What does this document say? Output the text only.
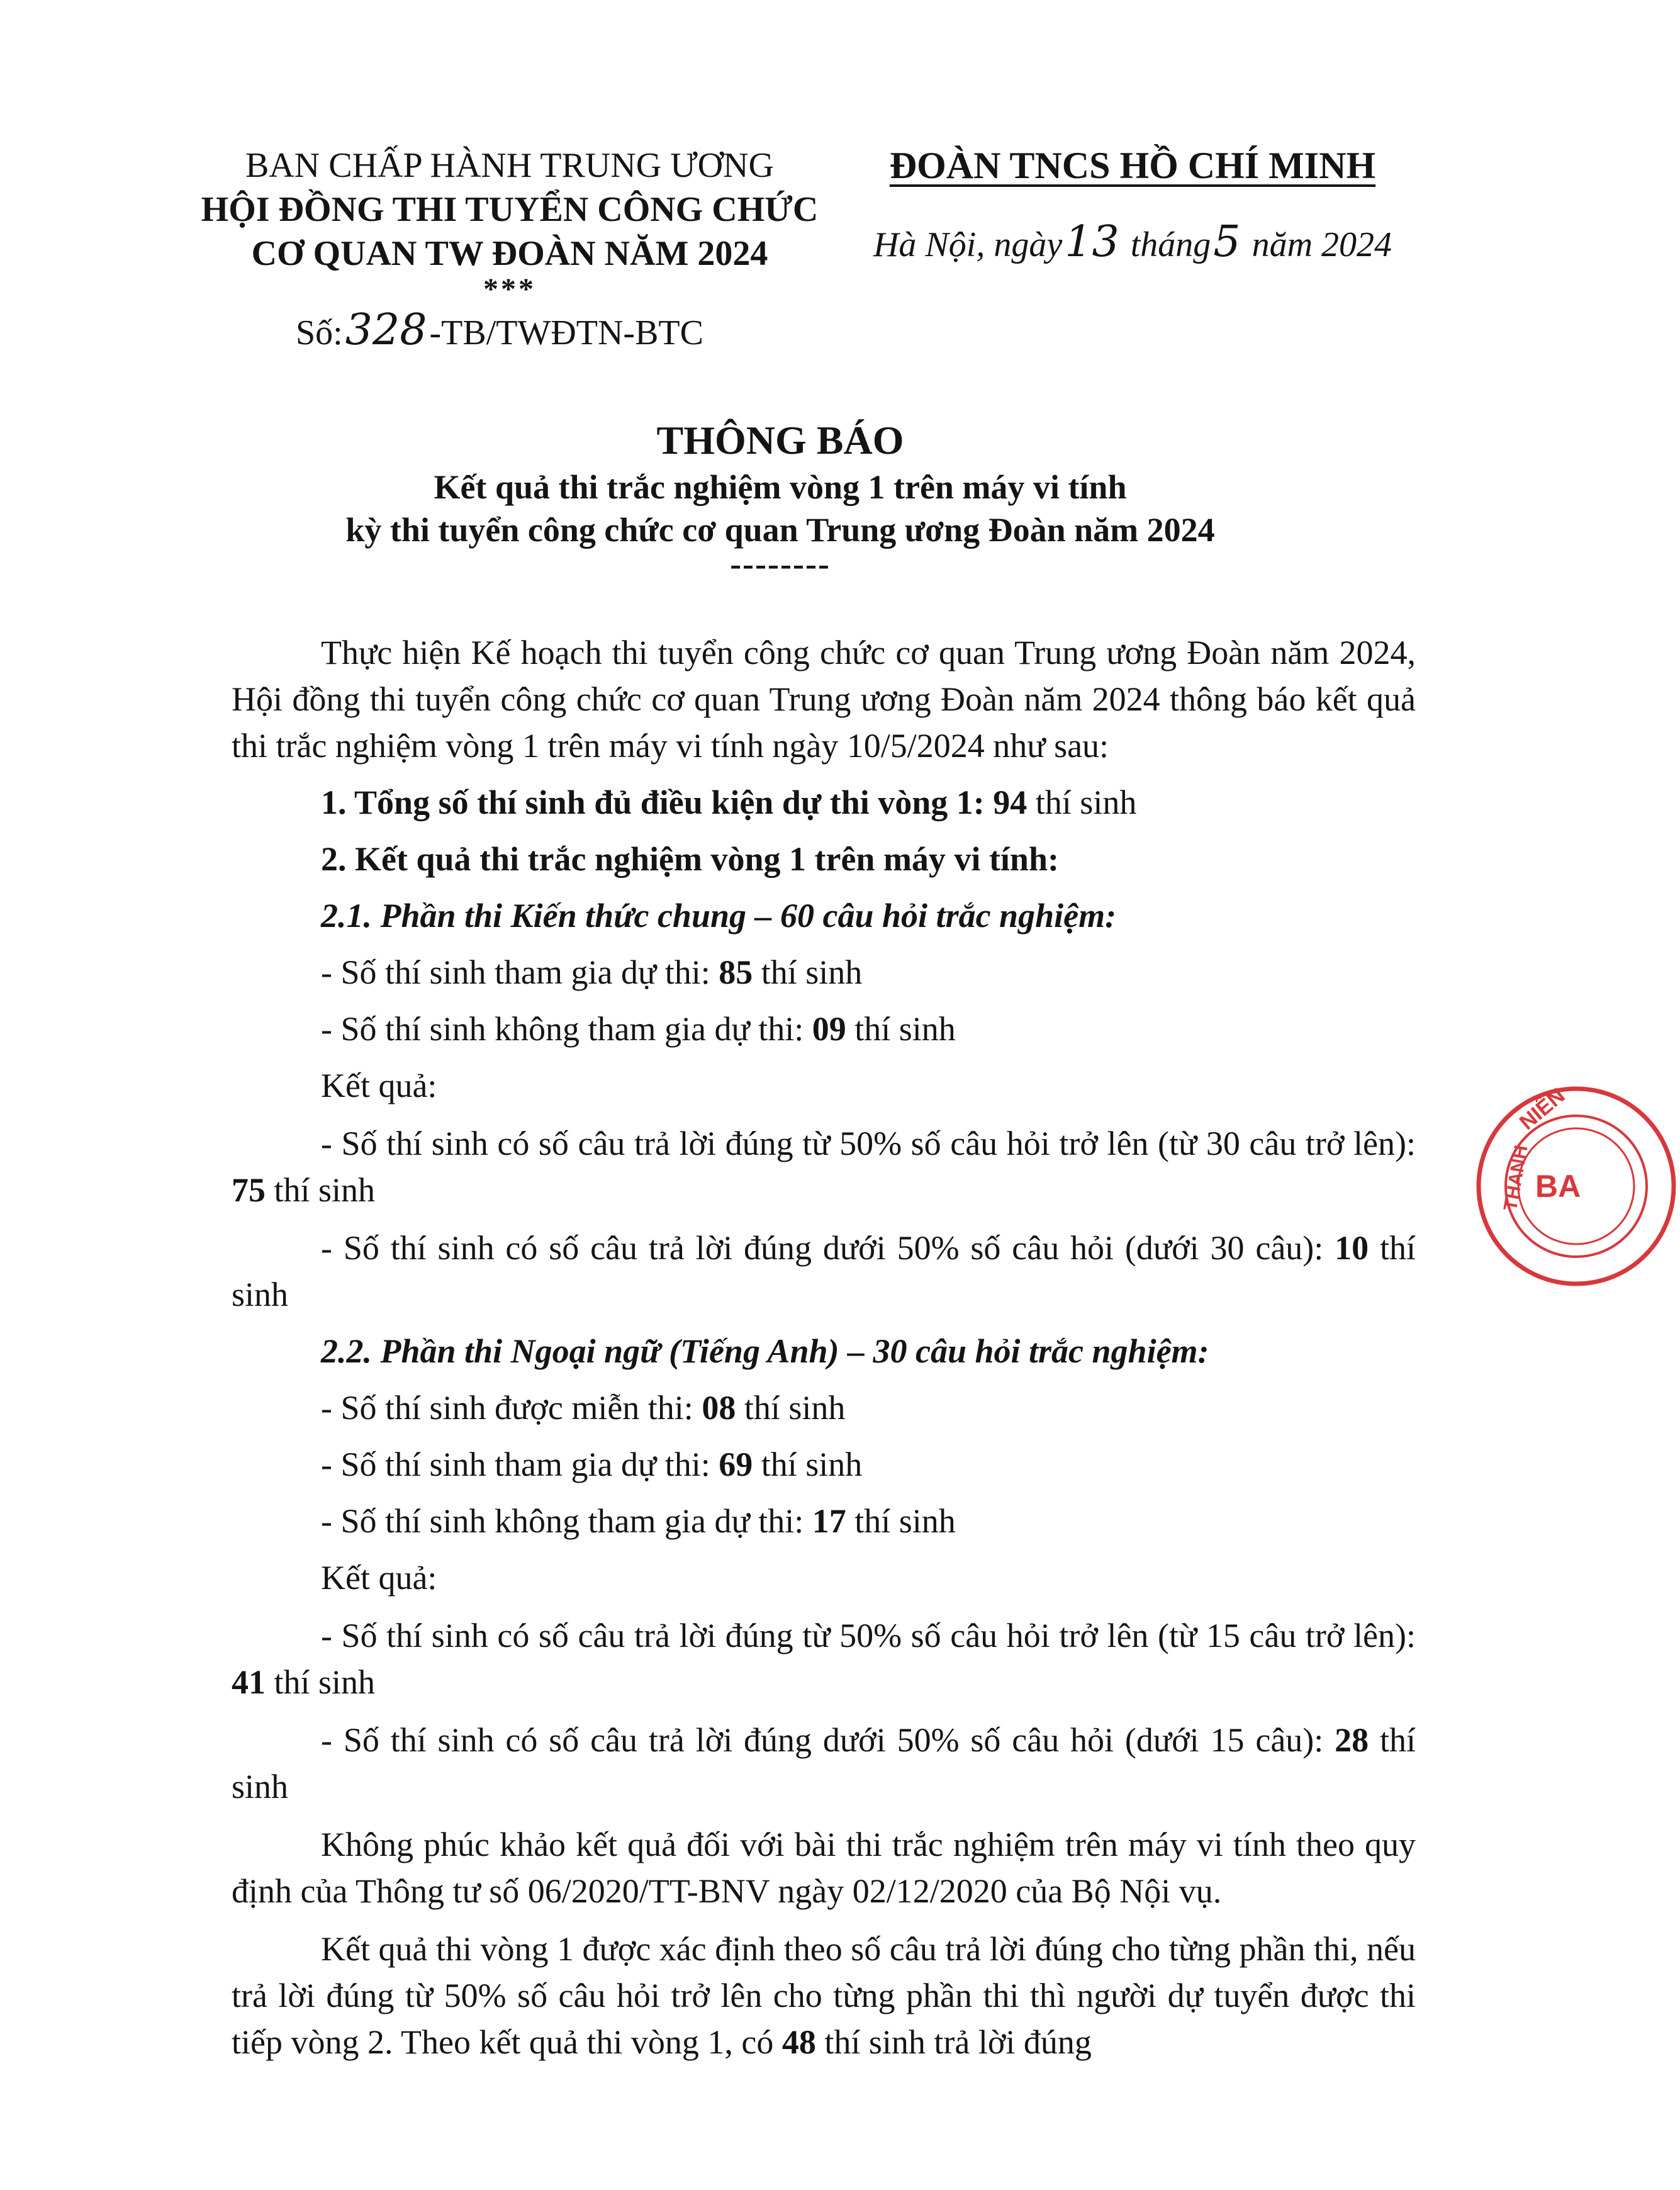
BAN CHẤP HÀNH TRUNG ƯƠNG
HỘI ĐỒNG THI TUYỂN CÔNG CHỨC
CƠ QUAN TW ĐOÀN NĂM 2024
***
Số:328-TB/TWĐTN-BTC
ĐOÀN TNCS HỒ CHÍ MINH
Hà Nội, ngày13 tháng5 năm 2024
THÔNG BÁO
Kết quả thi trắc nghiệm vòng 1 trên máy vi tính
kỳ thi tuyển công chức cơ quan Trung ương Đoàn năm 2024
--------

Thực hiện Kế hoạch thi tuyển công chức cơ quan Trung ương Đoàn năm 2024, Hội đồng thi tuyển công chức cơ quan Trung ương Đoàn năm 2024 thông báo kết quả thi trắc nghiệm vòng 1 trên máy vi tính ngày 10/5/2024 như sau:

1. Tổng số thí sinh đủ điều kiện dự thi vòng 1: 94 thí sinh

2. Kết quả thi trắc nghiệm vòng 1 trên máy vi tính:

2.1. Phần thi Kiến thức chung – 60 câu hỏi trắc nghiệm:

- Số thí sinh tham gia dự thi: 85 thí sinh

- Số thí sinh không tham gia dự thi: 09 thí sinh

Kết quả:

- Số thí sinh có số câu trả lời đúng từ 50% số câu hỏi trở lên (từ 30 câu trở lên): 75 thí sinh

- Số thí sinh có số câu trả lời đúng dưới 50% số câu hỏi (dưới 30 câu): 10 thí sinh

2.2. Phần thi Ngoại ngữ (Tiếng Anh) – 30 câu hỏi trắc nghiệm:

- Số thí sinh được miễn thi: 08 thí sinh

- Số thí sinh tham gia dự thi: 69 thí sinh

- Số thí sinh không tham gia dự thi: 17 thí sinh

Kết quả:

- Số thí sinh có số câu trả lời đúng từ 50% số câu hỏi trở lên (từ 15 câu trở lên): 41 thí sinh

- Số thí sinh có số câu trả lời đúng dưới 50% số câu hỏi (dưới 15 câu): 28 thí sinh

Không phúc khảo kết quả đối với bài thi trắc nghiệm trên máy vi tính theo quy định của Thông tư số 06/2020/TT-BNV ngày 02/12/2020 của Bộ Nội vụ.

Kết quả thi vòng 1 được xác định theo số câu trả lời đúng cho từng phần thi, nếu trả lời đúng từ 50% số câu hỏi trở lên cho từng phần thi thì người dự tuyển được thi tiếp vòng 2. Theo kết quả thi vòng 1, có 48 thí sinh trả lời đúng

NIÊN
THANH BA
